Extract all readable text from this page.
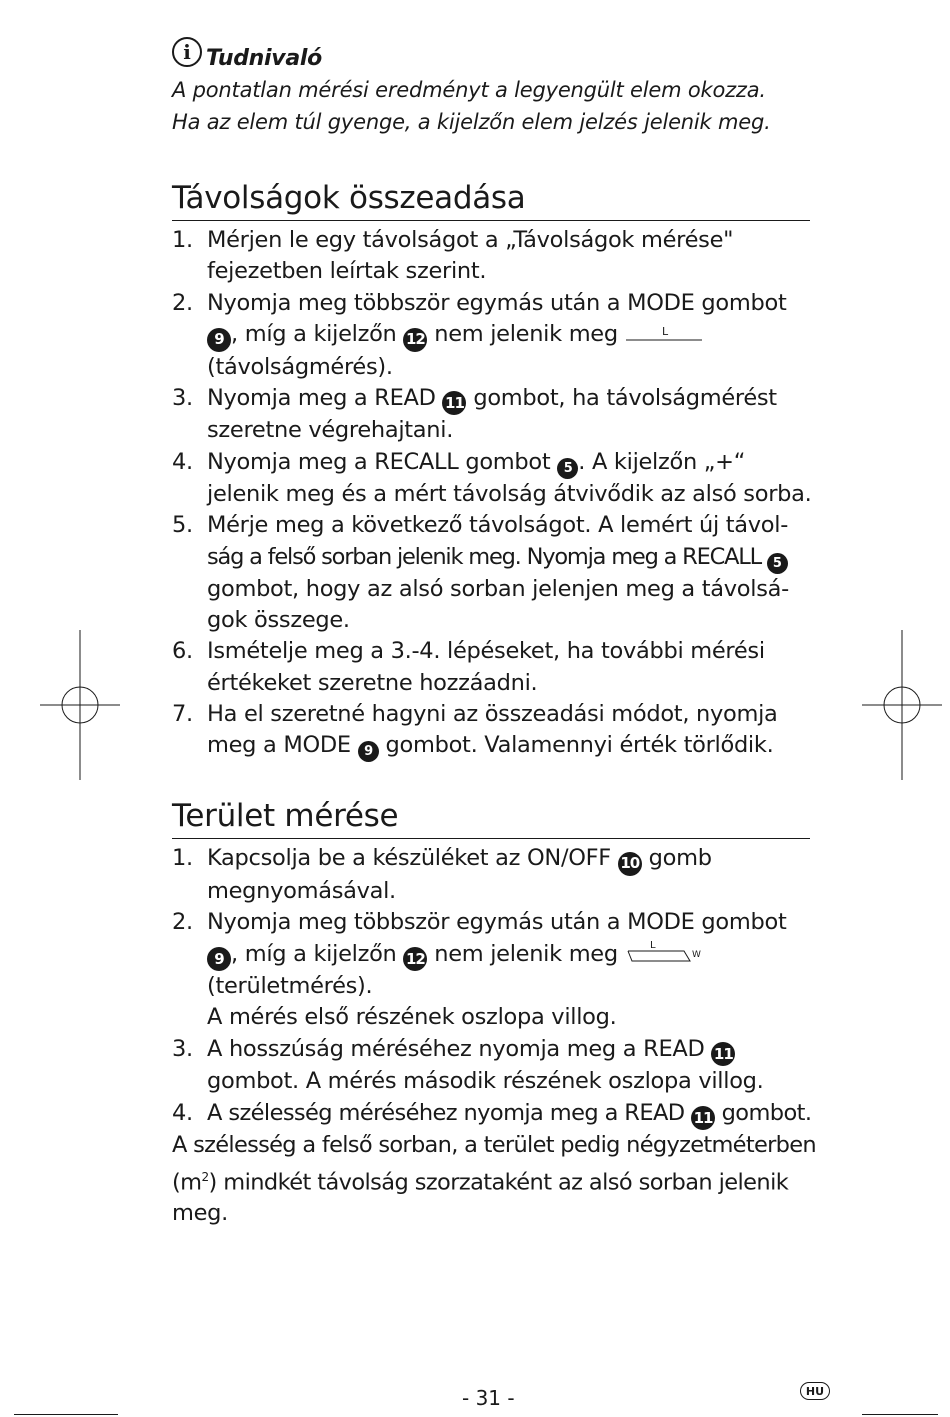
i Tudnivaló
A pontatlan mérési eredményt a legyengült elem okozza.
Ha az elem túl gyenge, a kijelzőn elem jelzés jelenik meg.
Távolságok összeadása
1. Mérjen le egy távolságot a „Távolságok mérése"
fejezetben leírtak szerint.
2. Nyomja meg többször egymás után a MODE gombot
9 , míg a kijelzőn 12 nem jelenik meg	L
(távolságmérés).
3. Nyomja meg a READ 11 gombot, ha távolságmérést
szeretne végrehajtani.
4. Nyomja meg a RECALL gombot 5 . A kijelzőn „+“
jelenik meg és a mért távolság átvivődik az alsó sorba.
5. Mérje meg a következő távolságot. A lemért új távol-
ság a felső sorban jelenik meg. Nyomja meg a RECALL 5
gombot, hogy az alsó sorban jelenjen meg a távolsá-
gok összege.
6. Ismételje meg a 3.-4. lépéseket, ha további mérési
értékeket szeretne hozzáadni.
7. Ha el szeretné hagyni az összeadási módot, nyomja
meg a MODE 9 gombot. Valamennyi érték törlődik.
Terület mérése
1. Kapcsolja be a készüléket az ON/OFF 10 gomb
megnyomásával.
2. Nyomja meg többször egymás után a MODE gombot
9 , míg a kijelzőn 12 nem jelenik meg	L
W
(területmérés).
A mérés első részének oszlopa villog.
3. A hosszúság méréséhez nyomja meg a READ 11
gombot. A mérés második részének oszlopa villog.
4. A szélesség méréséhez nyomja meg a READ 11 gombot.
A szélesség a felső sorban, a terület pedig négyzetméterben
$(m^2)$ mindkét távolság szorzataként az alsó sorban jelenik
meg.
- 31 -	HU
